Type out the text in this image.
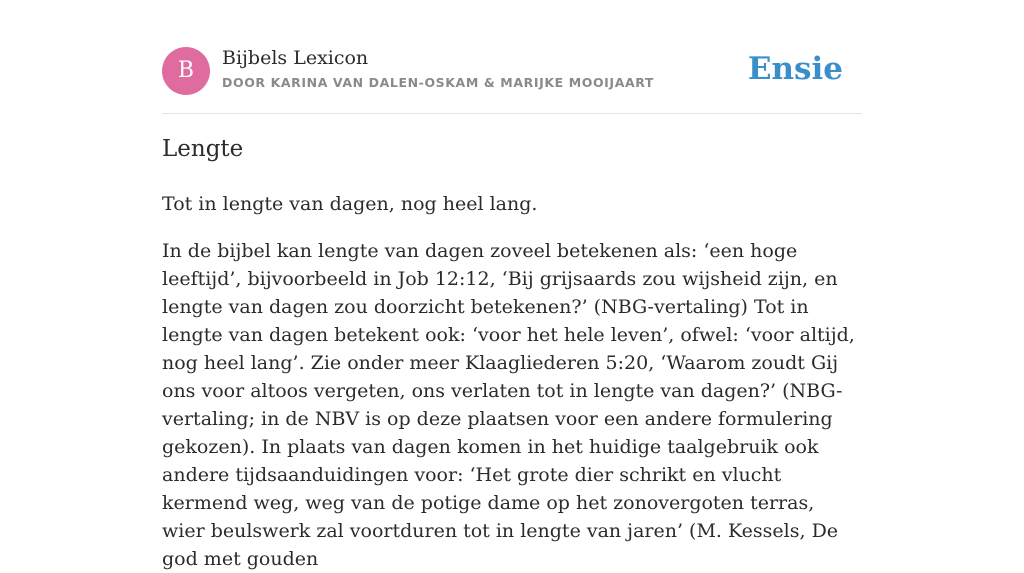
B	Bijbels Lexicon
DOOR KARINA VAN DALEN-OSKAM & MARIJKE MOOIJAART	Ensie
Lengte

Tot in lengte van dagen, nog heel lang.

In de bijbel kan lengte van dagen zoveel betekenen als: ‘een hoge leeftijd’, bijvoorbeeld in Job 12:12, ‘Bij grijsaards zou wijsheid zijn, en lengte van dagen zou doorzicht betekenen?’ (NBG-vertaling) Tot in lengte van dagen betekent ook: ‘voor het hele leven’, ofwel: ‘voor altijd, nog heel lang’. Zie onder meer Klaagliederen 5:20, ‘Waarom zoudt Gij ons voor altoos vergeten, ons verlaten tot in lengte van dagen?’ (NBG-vertaling; in de NBV is op deze plaatsen voor een andere formulering gekozen). In plaats van dagen komen in het huidige taalgebruik ook andere tijdsaanduidingen voor: ‘Het grote dier schrikt en vlucht kermend weg, weg van de potige dame op het zonovergoten terras, wier beulswerk zal voortduren tot in lengte van jaren’ (M. Kessels, De god met gouden
